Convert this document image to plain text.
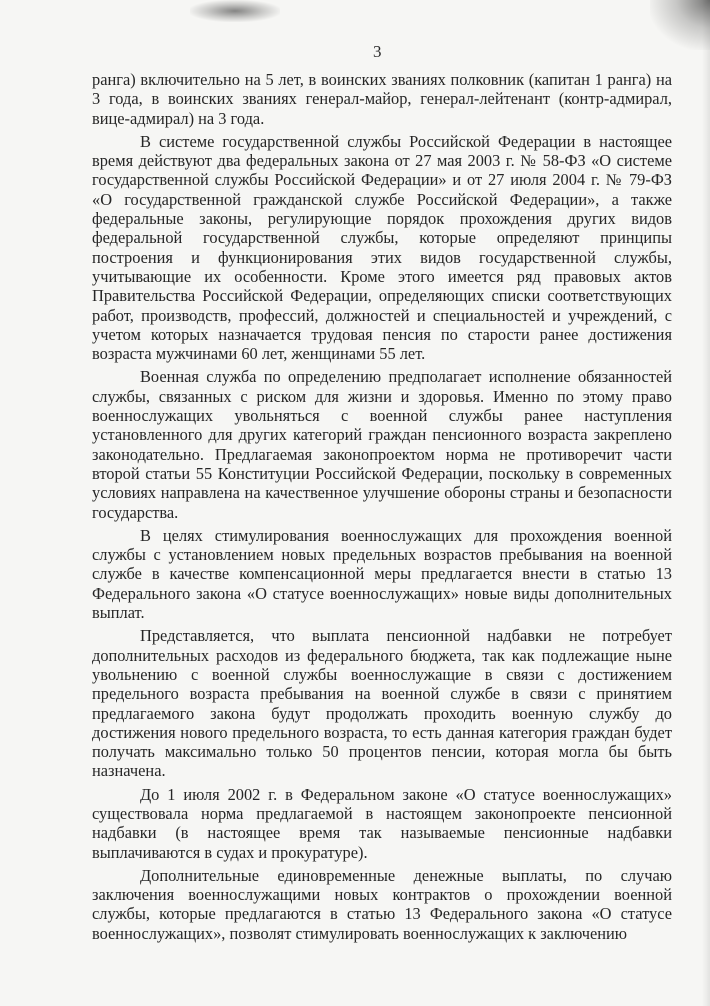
3

ранга) включительно на 5 лет, в воинских званиях полковник (капитан 1 ранга) на 3 года, в воинских званиях генерал-майор, генерал-лейтенант (контр-адмирал, вице-адмирал) на 3 года.

В системе государственной службы Российской Федерации в настоящее время действуют два федеральных закона от 27 мая 2003 г. № 58-ФЗ «О системе государственной службы Российской Федерации» и от 27 июля 2004 г. № 79-ФЗ «О государственной гражданской службе Российской Федерации», а также федеральные законы, регулирующие порядок прохождения других видов федеральной государственной службы, которые определяют принципы построения и функционирования этих видов государственной службы, учитывающие их особенности. Кроме этого имеется ряд правовых актов Правительства Российской Федерации, определяющих списки соответствующих работ, производств, профессий, должностей и специальностей и учреждений, с учетом которых назначается трудовая пенсия по старости ранее достижения возраста мужчинами 60 лет, женщинами 55 лет.

Военная служба по определению предполагает исполнение обязанностей службы, связанных с риском для жизни и здоровья. Именно по этому право военнослужащих увольняться с военной службы ранее наступления установленного для других категорий граждан пенсионного возраста закреплено законодательно. Предлагаемая законопроектом норма не противоречит части второй статьи 55 Конституции Российской Федерации, поскольку в современных условиях направлена на качественное улучшение обороны страны и безопасности государства.

В целях стимулирования военнослужащих для прохождения военной службы с установлением новых предельных возрастов пребывания на военной службе в качестве компенсационной меры предлагается внести в статью 13 Федерального закона «О статусе военнослужащих» новые виды дополнительных выплат.

Представляется, что выплата пенсионной надбавки не потребует дополнительных расходов из федерального бюджета, так как подлежащие ныне увольнению с военной службы военнослужащие в связи с достижением предельного возраста пребывания на военной службе в связи с принятием предлагаемого закона будут продолжать проходить военную службу до достижения нового предельного возраста, то есть данная категория граждан будет получать максимально только 50 процентов пенсии, которая могла бы быть назначена.

До 1 июля 2002 г. в Федеральном законе «О статусе военнослужащих» существовала норма предлагаемой в настоящем законопроекте пенсионной надбавки (в настоящее время так называемые пенсионные надбавки выплачиваются в судах и прокуратуре).

Дополнительные единовременные денежные выплаты, по случаю заключения военнослужащими новых контрактов о прохождении военной службы, которые предлагаются в статью 13 Федерального закона «О статусе военнослужащих», позволят стимулировать военнослужащих к заключению
